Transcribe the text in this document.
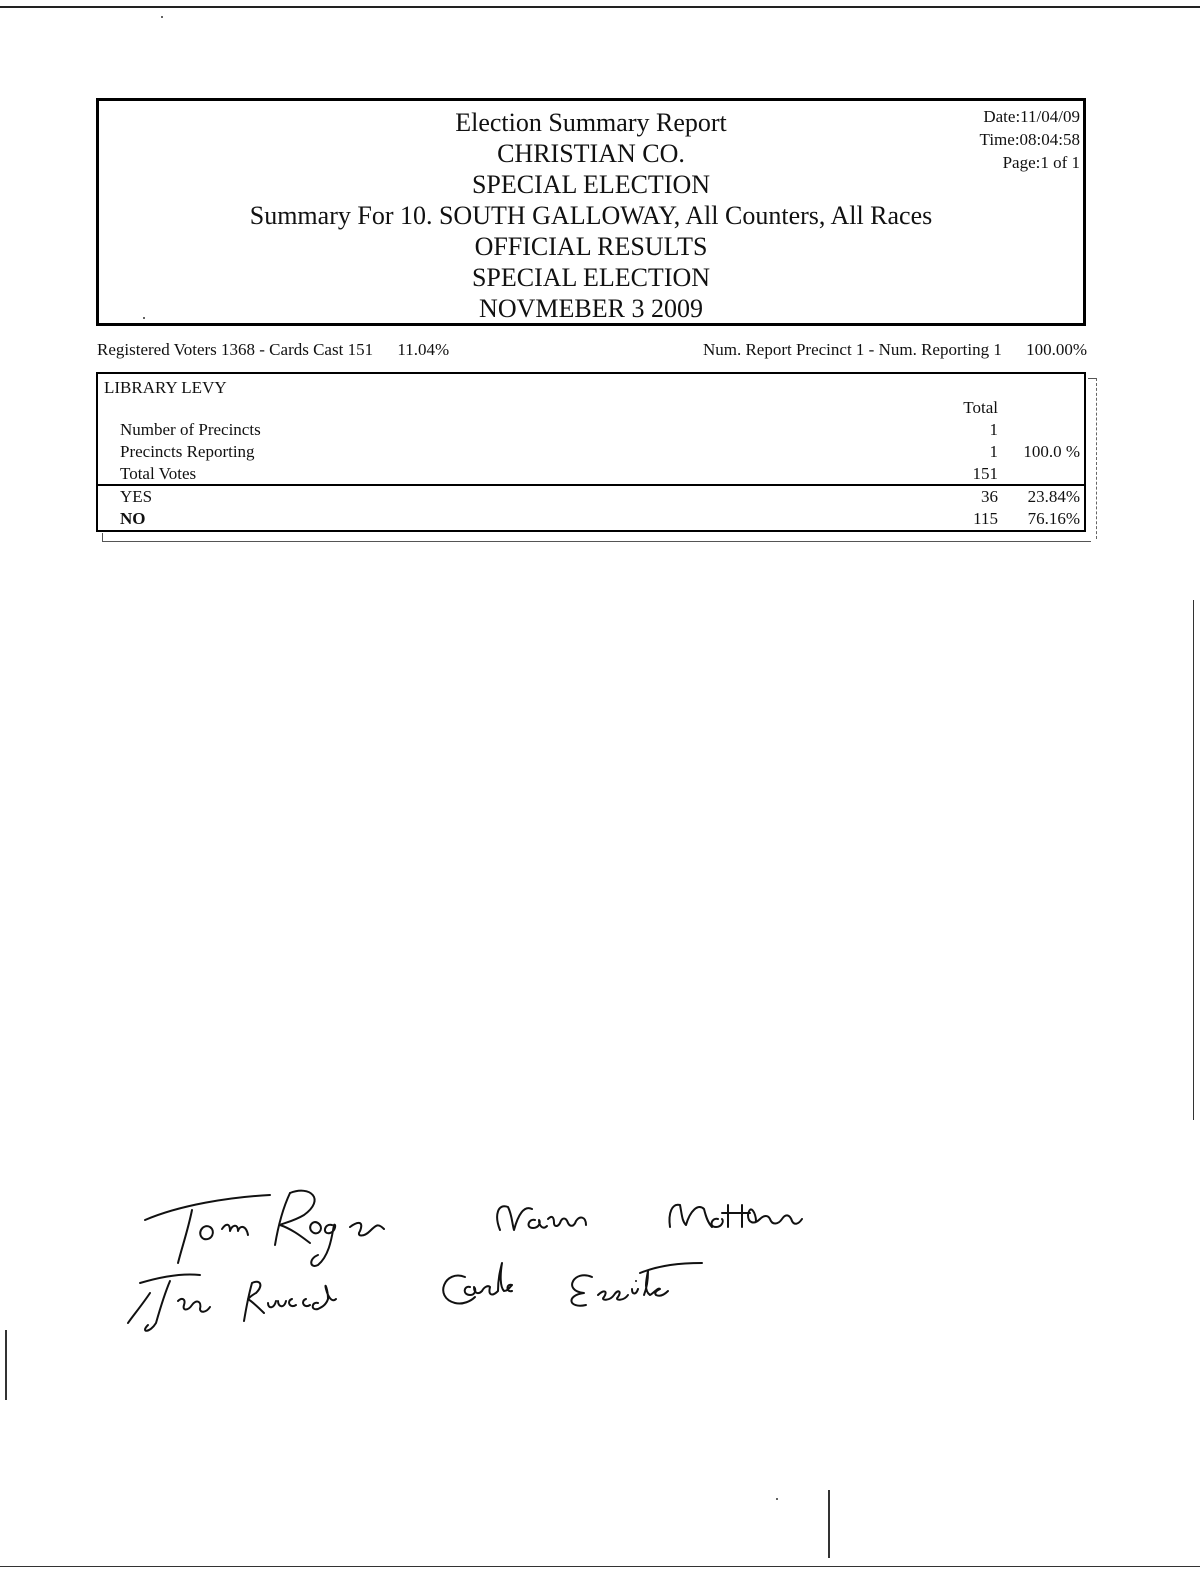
Election Summary Report
CHRISTIAN CO.
SPECIAL ELECTION
Summary For 10. SOUTH GALLOWAY, All Counters, All Races
OFFICIAL RESULTS
SPECIAL ELECTION
NOVMEBER 3 2009
Date:11/04/09
Time:08:04:58
Page:1 of 1
Registered Voters 1368 - Cards Cast 151 11.04%	Num. Report Precinct 1 - Num. Reporting 1 100.00%
LIBRARY LEVY
Total
Number of Precincts	1
Precincts Reporting	1 100.0 %
Total Votes	151
YES	36 23.84%
NO	115 76.16%
